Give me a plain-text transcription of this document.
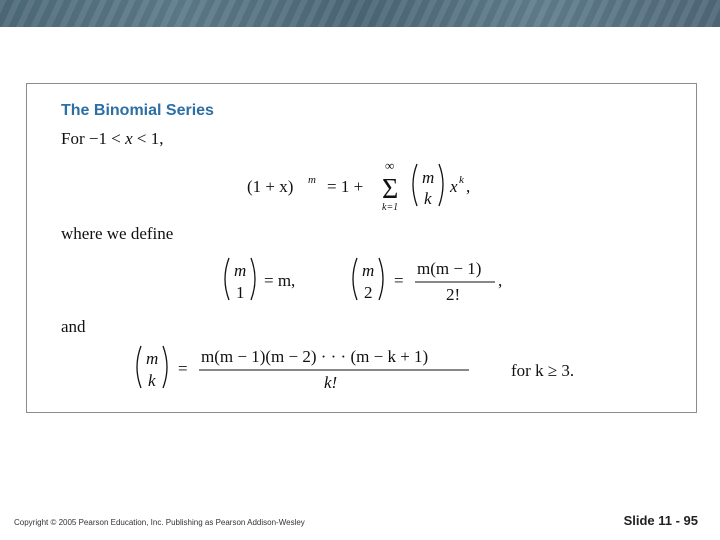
The Binomial Series
For −1 < x < 1,
(1 + x) m = 1 +
∞
Σ
k=1
m
k
x k ,
where we define
m
1
= m,
m
2
=
m(m − 1)
2!
,
and
m
k
=
m(m − 1)(m − 2) · · · (m − k + 1)
k!
for k ≥ 3.
Copyright © 2005 Pearson Education, Inc. Publishing as Pearson Addison-Wesley	Slide 11 - 95
